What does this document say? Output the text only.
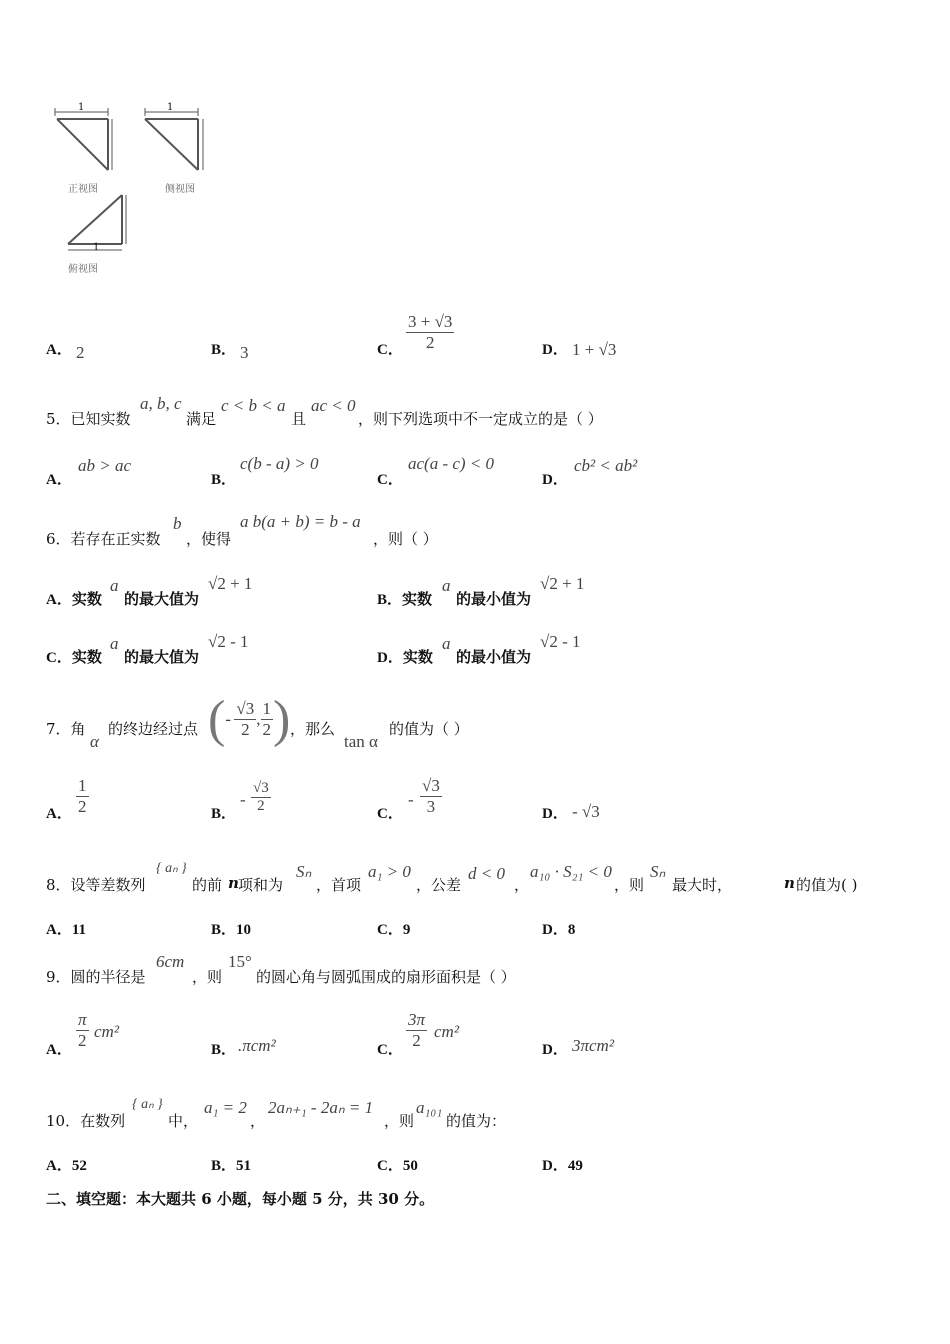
1	1
1
正视图	侧视图
俯视图
A． 2	B． 3	C． $\frac{3 + √3}{2}$	D． 1 + √3
5．已知实数
a, b, c
满足
c < b < a
且
ac < 0
，则下列选项中不一定成立的是（ ）
A．
ab > ac
B．
c(b - a) > 0
C．
ac(a - c) < 0
D．
cb² < ab²
6．若存在正实数
b
，使得
a b(a + b) = b - a
，则（ ）
A．实数
a
的最大值为
√2 + 1
B．实数
a
的最小值为
√2 + 1
C．实数
a
的最大值为
√2 - 1
D．实数
a
的最小值为
√2 - 1
7．角
α
的终边经过点 (-  $\frac{√3}{2}$ , $\frac{1}{2}$ ) ，那么
tan α
的值为（ ）
A． $\frac{1}{2}$	B．
- $\frac{√3}{2}$	C．
- $\frac{√3}{3}$	D． - √3
8．设等差数列
{ aₙ }
的前 n 项和为
Sₙ
，首项
a₁ > 0
，公差
d < 0
，
a₁₀ · S₂₁ < 0
，则
Sₙ
最大时，	n 的值为( )
A．11	B．10	C．9	D．8
9．圆的半径是
6cm
，则
15°
的圆心角与圆弧围成的扇形面积是（ ）
A． $\frac{\pi}{2} cm^2$
B． .πcm²	C． $\frac{3\pi}{2} cm^2$
D． 3πcm²
10．在数列
{ aₙ }
中，
a₁ = 2
，
2aₙ₊₁ - 2aₙ = 1
，则
a₁₀₁
的值为：
A．52	B．51	C．50	D．49
二、填空题：本大题共 6 小题，每小题 5 分，共 30 分。
